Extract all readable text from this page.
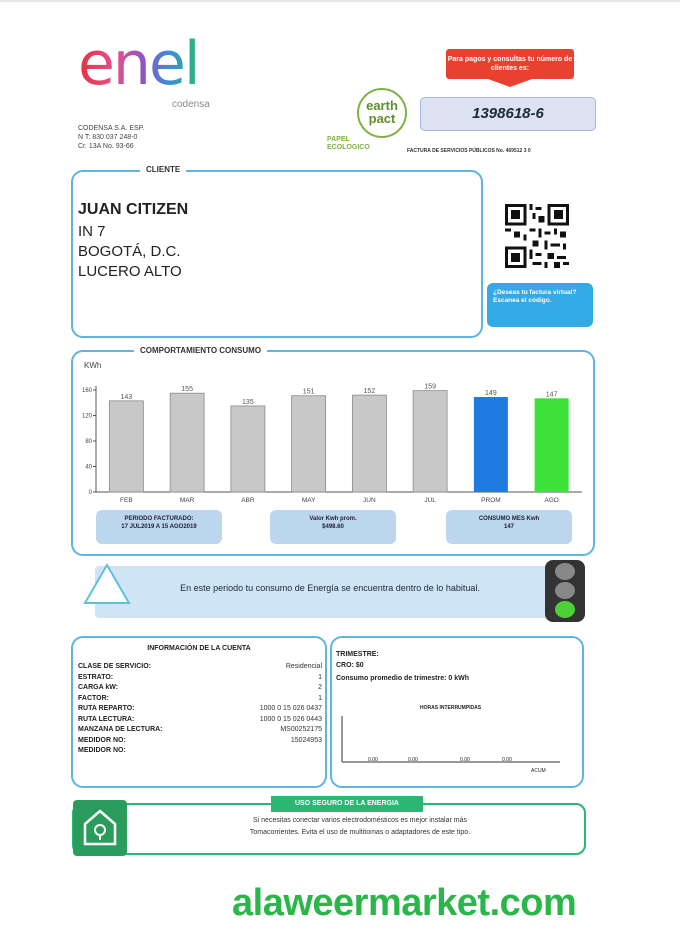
enel
codensa
CODENSA S.A. ESP.
N T: 830 037 248-0
Cr. 13A No. 93-66
earth
pact
PAPEL
ECOLOGICO
Para pagos y consultas tu número de clientes es:
1398618-6
FACTURA DE SERVICIOS PÚBLICOS No. 469512 3 0
CLIENTE
JUAN CITIZEN
IN 7
BOGOTÁ, D.C.
LUCERO ALTO
¿Deseas tu factura virtual? Escanea el código.
COMPORTAMIENTO CONSUMO
KWh
0
40
80
120
160
143
FEB
155
MAR
135
ABR
151
MAY
152
JUN
159
JUL
149
PROM
147
AGO
PERIODO FACTURADO:
17 JUL2019 A 15 AGO2019
Valor Kwh prom.
$498.60
CONSUMO MES Kwh
147
En este periodo tu consumo de Energía se encuentra dentro de lo habitual.
INFORMACIÓN DE LA CUENTA
CLASE DE SERVICIO:	Residencial
ESTRATO:	1
CARGA kW:	2
FACTOR:	1
RUTA REPARTO:	1000 0 15 026 0437
RUTA LECTURA:	1000 0 15 026 0443
MANZANA DE LECTURA:	MS00252175
MEDIDOR NO:	15024953
MEDIDOR NO:
TRIMESTRE:
CRO: $0
Consumo promedio de trimestre: 0 kWh
HORAS INTERRUMPIDAS
0.00	0.00	0.00	0.00
ACUM
USO SEGURO DE LA ENERGIA
Si necesitas conectar varios electrodomésticos es mejor instalar más
Tomacorrientes. Evita el uso de multitomas o adaptadores de este tipo.
alaweermarket.com
